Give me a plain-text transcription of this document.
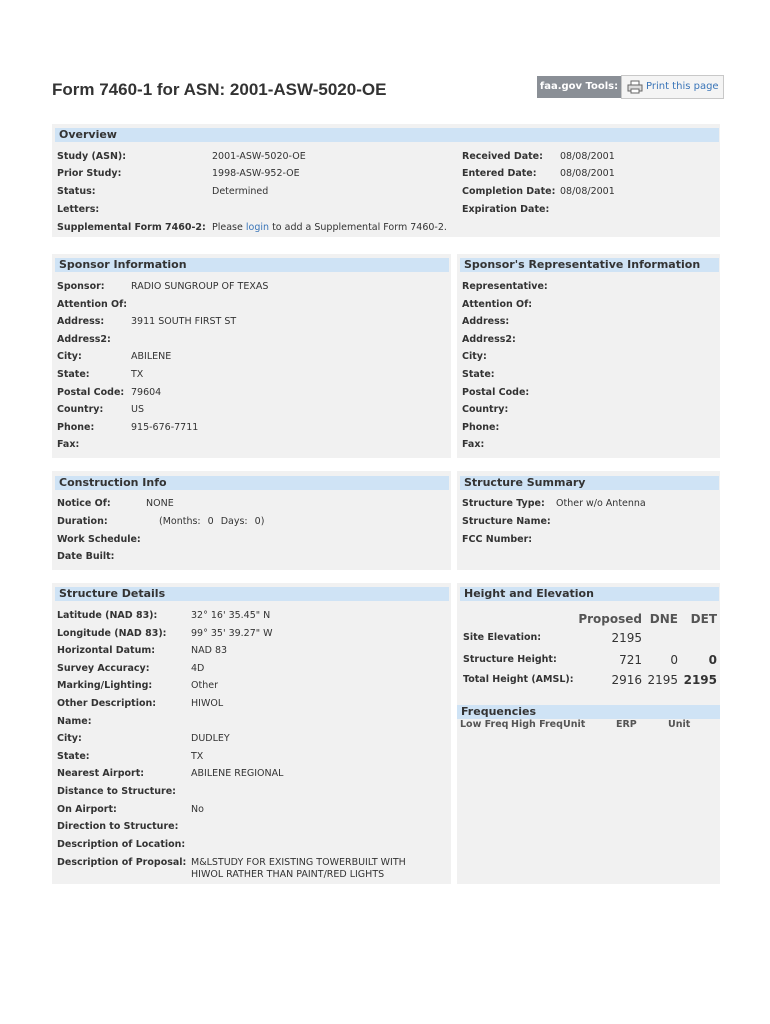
Form 7460-1 for ASN: 2001-ASW-5020-OE	faa.gov Tools:	Print this page
Overview
Study (ASN):	2001-ASW-5020-OE
Prior Study:	1998-ASW-952-OE
Status:	Determined
Letters:
Received Date: 08/08/2001
Entered Date: 08/08/2001
Completion Date: 08/08/2001
Expiration Date:
Supplemental Form 7460-2: Please login to add a Supplemental Form 7460-2.
Sponsor Information
Sponsor:	RADIO SUNGROUP OF TEXAS
Attention Of:
Address:	3911 SOUTH FIRST ST
Address2:
City:	ABILENE
State:	TX
Postal Code: 79604
Country:	US
Phone:	915-676-7711
Fax:
Sponsor's Representative Information
Representative:
Attention Of:
Address:
Address2:
City:
State:
Postal Code:
Country:
Phone:
Fax:
Construction Info
Notice Of:	NONE
Duration:	(Months: 0 Days: 0)
Work Schedule:
Date Built:
Structure Summary
Structure Type: Other w/o Antenna
Structure Name:
FCC Number:
Structure Details
Latitude (NAD 83):	32° 16' 35.45" N
Longitude (NAD 83):	99° 35' 39.27" W
Horizontal Datum:	NAD 83
Survey Accuracy:	4D
Marking/Lighting:	Other
Other Description:	HIWOL
Name:
City:	DUDLEY
State:	TX
Nearest Airport:	ABILENE REGIONAL
Distance to Structure:
On Airport:	No
Direction to Structure:
Description of Location:
Description of Proposal: M&LSTUDY FOR EXISTING TOWERBUILT WITH
HIWOL RATHER THAN PAINT/RED LIGHTS
Height and Elevation
Proposed DNE	DET
Site Elevation:	2195
Structure Height:	721	0	0
Total Height (AMSL):	2916 2195 2195
Frequencies
Low Freq High Freq Unit	ERP	Unit
